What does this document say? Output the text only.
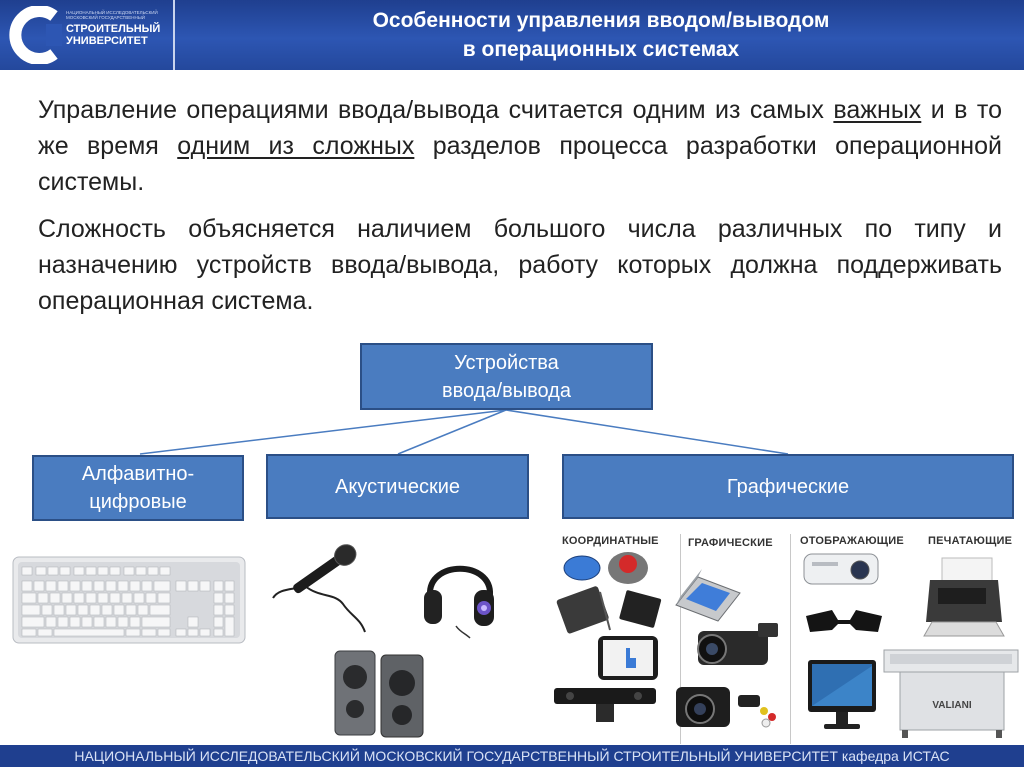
НАЦИОНАЛЬНЫЙ ИССЛЕДОВАТЕЛЬСКИЙ МОСКОВСКИЙ ГОСУДАРСТВЕННЫЙ
СТРОИТЕЛЬНЫЙ УНИВЕРСИТЕТ
Особенности управления вводом/выводом
в операционных системах
Управление операциями ввода/вывода считается одним из самых важных и в то же время одним из сложных разделов процесса разработки операционной системы.
Сложность объясняется наличием большого числа различных по типу и назначению устройств ввода/вывода, работу которых должна поддерживать операционная система.
Устройства
ввода/вывода
Алфавитно-
цифровые
Акустические	Графические
КООРДИНАТНЫЕ	ГРАФИЧЕСКИЕ ОТОБРАЖАЮЩИЕ ПЕЧАТАЮЩИЕ
VALIANI
НАЦИОНАЛЬНЫЙ ИССЛЕДОВАТЕЛЬСКИЙ МОСКОВСКИЙ ГОСУДАРСТВЕННЫЙ СТРОИТЕЛЬНЫЙ УНИВЕРСИТЕТ кафедра ИСТАС
